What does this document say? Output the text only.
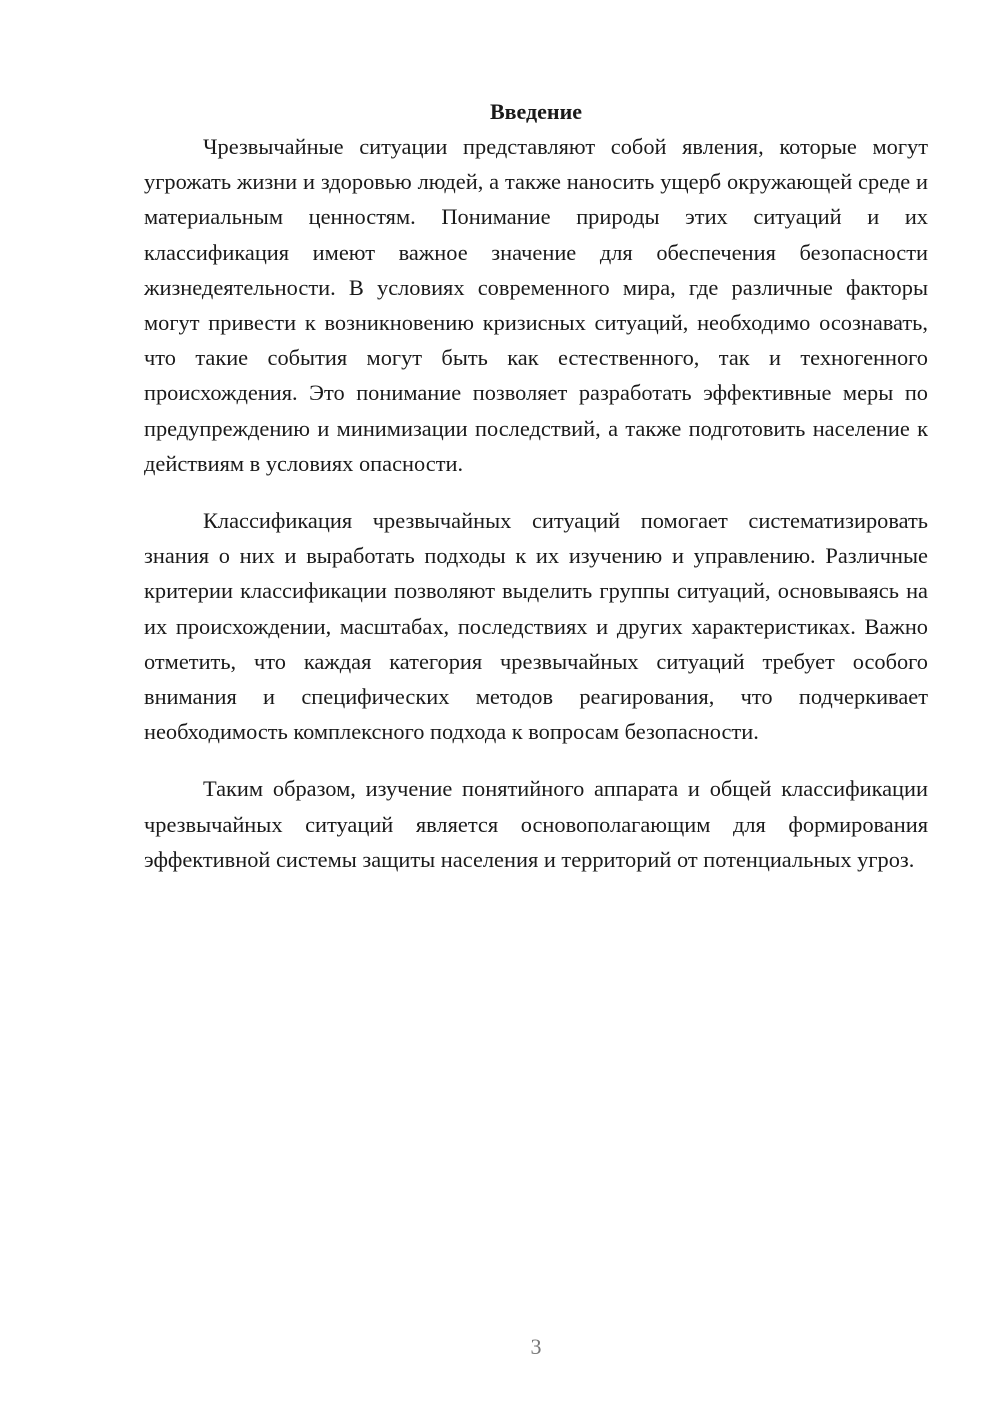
Введение

Чрезвычайные ситуации представляют собой явления, которые могут угрожать жизни и здоровью людей, а также наносить ущерб окружающей среде и материальным ценностям. Понимание природы этих ситуаций и их классификация имеют важное значение для обеспечения безопасности жизнедеятельности. В условиях современного мира, где различные факторы могут привести к возникновению кризисных ситуаций, необходимо осознавать, что такие события могут быть как естественного, так и техногенного происхождения. Это понимание позволяет разработать эффективные меры по предупреждению и минимизации последствий, а также подготовить население к действиям в условиях опасности.

Классификация чрезвычайных ситуаций помогает систематизировать знания о них и выработать подходы к их изучению и управлению. Различные критерии классификации позволяют выделить группы ситуаций, основываясь на их происхождении, масштабах, последствиях и других характеристиках. Важно отметить, что каждая категория чрезвычайных ситуаций требует особого внимания и специфических методов реагирования, что подчеркивает необходимость комплексного подхода к вопросам безопасности.

Таким образом, изучение понятийного аппарата и общей классификации чрезвычайных ситуаций является основополагающим для формирования эффективной системы защиты населения и территорий от потенциальных угроз.

3
